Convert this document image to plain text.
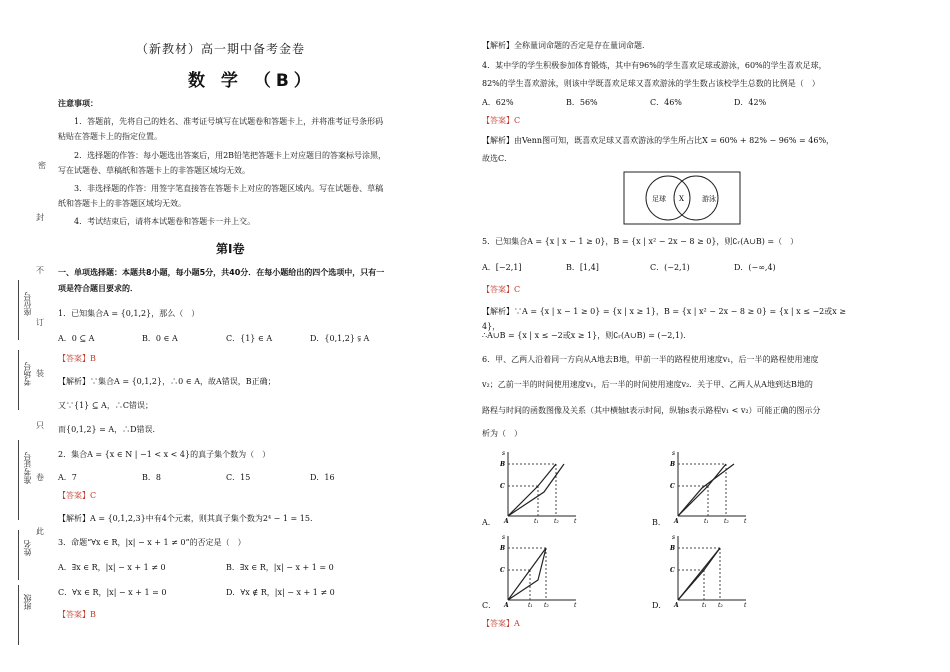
密
封
不
订
装
只
卷
此
座位号
考场号
准考证号
姓名
班级
（新教材）高一期中备考金卷
数 学 （B）
注意事项：
1．答题前，先将自己的姓名、准考证号填写在试题卷和答题卡上，并将准考证号条形码
粘贴在答题卡上的指定位置。
2．选择题的作答：每小题选出答案后，用2B铅笔把答题卡上对应题目的答案标号涂黑，
写在试题卷、草稿纸和答题卡上的非答题区域均无效。
3．非选择题的作答：用签字笔直接答在答题卡上对应的答题区域内。写在试题卷、草稿
纸和答题卡上的非答题区域均无效。
4．考试结束后，请将本试题卷和答题卡一并上交。
第Ⅰ卷
一、单项选择题：本题共8小题，每小题5分，共40分．在每小题给出的四个选项中，只有一
项是符合题目要求的．
1．已知集合A = {0,1,2}，那么（　）
A．0 ⊆ A	B．0 ∈ A	C．{1} ∈ A	D．{0,1,2} ⫋ A
【答案】B
【解析】∵集合A = {0,1,2}，∴0 ∈ A，故A错误，B正确；
又∵{1} ⊆ A，∴C错误；
而{0,1,2} = A，∴D错误．
2．集合A = {x ∈ N | −1 < x < 4}的真子集个数为（　）
A．7	B．8	C．15	D．16
【答案】C
【解析】A = {0,1,2,3}中有4个元素，则其真子集个数为2⁴ − 1 = 15．
3．命题“∀x ∈ R，|x| − x + 1 ≠ 0”的否定是（　）
A．∃x ∈ R，|x| − x + 1 ≠ 0	B．∃x ∈ R，|x| − x + 1 = 0
C．∀x ∈ R，|x| − x + 1 = 0	D．∀x ∉ R，|x| − x + 1 ≠ 0
【答案】B
【解析】全称量词命题的否定是存在量词命题．
4．某中学的学生积极参加体育锻炼，其中有96%的学生喜欢足球或游泳，60%的学生喜欢足球，
82%的学生喜欢游泳，则该中学既喜欢足球又喜欢游泳的学生数占该校学生总数的比例是（　）
A．62%	B．56%	C．46%	D．42%
【答案】C
【解析】由Venn图可知，既喜欢足球又喜欢游泳的学生所占比X = 60% + 82% − 96% = 46%，
故选C．
足球 X	游泳
5．已知集合A = {x | x − 1 ≥ 0}，B = {x | x² − 2x − 8 ≥ 0}，则∁ᵣ(A∪B) =（　）
A．[−2,1]	B．[1,4]	C．(−2,1)	D．(−∞,4)
【答案】C
【解析】∵A = {x | x − 1 ≥ 0} = {x | x ≥ 1}，B = {x | x² − 2x − 8 ≥ 0} = {x | x ≤ −2或x ≥ 4}，
∴A∪B = {x | x ≤ −2或x ≥ 1}，则∁ᵣ(A∪B) = (−2,1)．
6．甲、乙两人沿着同一方向从A地去B地，甲前一半的路程使用速度v₁，后一半的路程使用速度
v₂；乙前一半的时间使用速度v₁，后一半的时间使用速度v₂．关于甲、乙两人从A地到达B地的
路程与时间的函数图像及关系（其中横轴t表示时间，纵轴s表示路程v₁ < v₂）可能正确的图示分
析为（　）
A．
s
t
B
C
A	t₁	t₂	B．
s
t
B
C
A	t₁	t₂
C．
s
t
B
C
A	t₁ t₂	D．
s
t
B
C
A	t₁ t₂
【答案】A
